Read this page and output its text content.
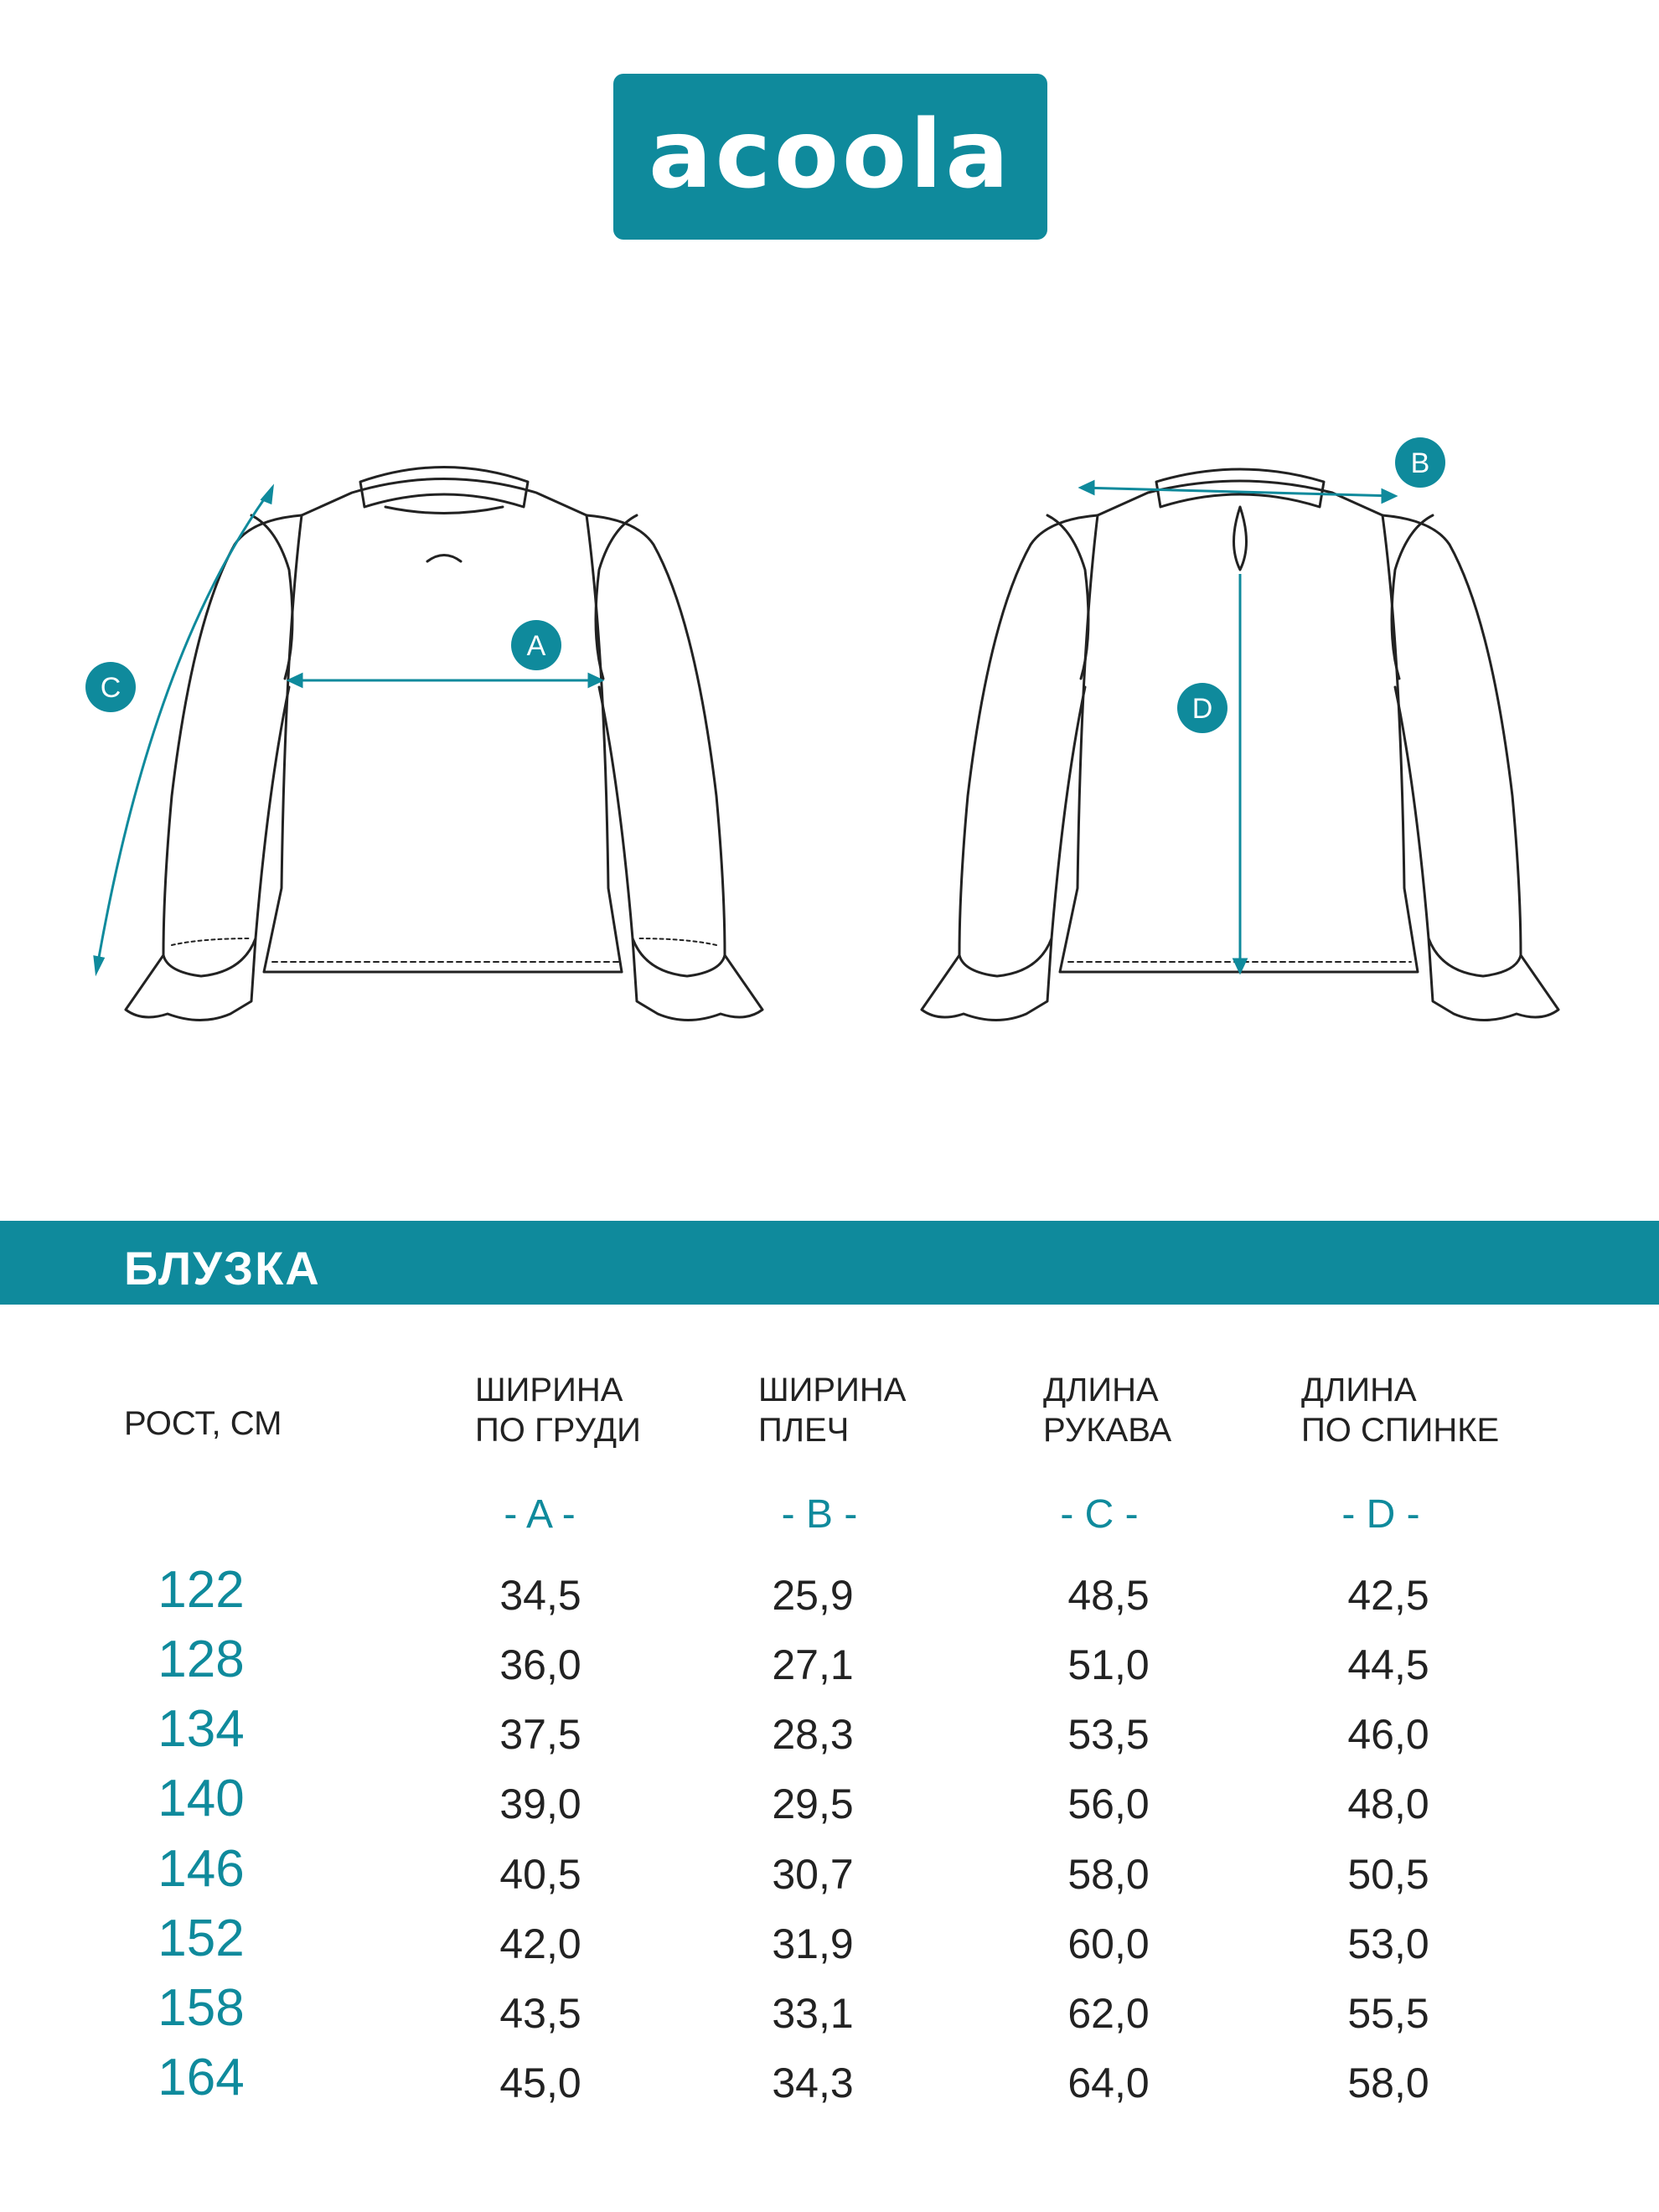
acoola
A
C
B
D
БЛУЗКА
РОСТ, СМ
ШИРИНА
ПО ГРУДИ
ШИРИНА
ПЛЕЧ
ДЛИНА
РУКАВА
ДЛИНА
ПО СПИНКЕ
- A -	- B -	- C -	- D -
122	34,5	25,9	48,5	42,5
128	36,0	27,1	51,0	44,5
134	37,5	28,3	53,5	46,0
140	39,0	29,5	56,0	48,0
146	40,5	30,7	58,0	50,5
152	42,0	31,9	60,0	53,0
158	43,5	33,1	62,0	55,5
164	45,0	34,3	64,0	58,0
